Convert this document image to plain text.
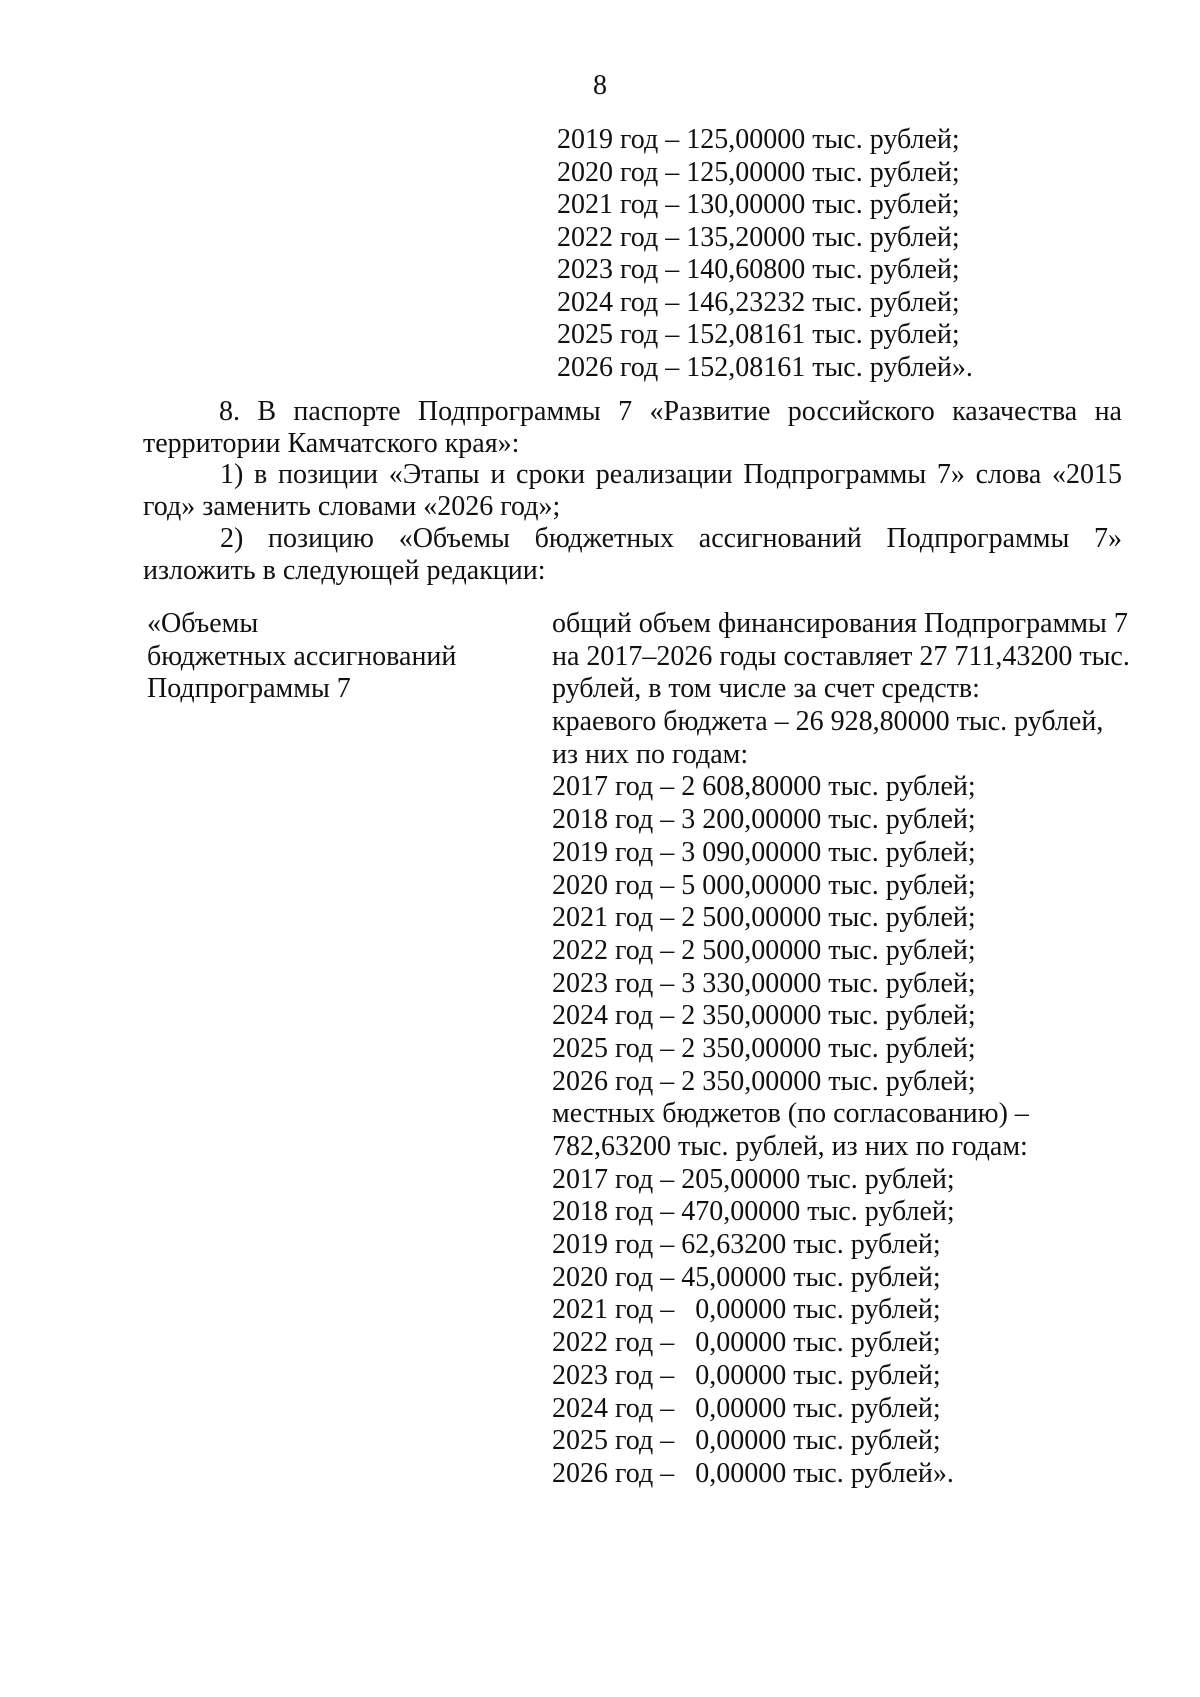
8
2019 год – 125,00000 тыс. рублей;
2020 год – 125,00000 тыс. рублей;
2021 год – 130,00000 тыс. рублей;
2022 год – 135,20000 тыс. рублей;
2023 год – 140,60800 тыс. рублей;
2024 год – 146,23232 тыс. рублей;
2025 год – 152,08161 тыс. рублей;
2026 год – 152,08161 тыс. рублей».
8. В паспорте Подпрограммы 7 «Развитие российского казачества на
территории Камчатского края»:
1) в позиции «Этапы и сроки реализации Подпрограммы 7» слова «2015
год» заменить словами «2026 год»;
2) позицию «Объемы бюджетных ассигнований Подпрограммы 7»
изложить в следующей редакции:
«Объемы
бюджетных ассигнований
Подпрограммы 7
общий объем финансирования Подпрограммы 7
на 2017–2026 годы составляет 27 711,43200 тыс.
рублей, в том числе за счет средств:
краевого бюджета – 26 928,80000 тыс. рублей,
из них по годам:
2017 год – 2 608,80000 тыс. рублей;
2018 год – 3 200,00000 тыс. рублей;
2019 год – 3 090,00000 тыс. рублей;
2020 год – 5 000,00000 тыс. рублей;
2021 год – 2 500,00000 тыс. рублей;
2022 год – 2 500,00000 тыс. рублей;
2023 год – 3 330,00000 тыс. рублей;
2024 год – 2 350,00000 тыс. рублей;
2025 год – 2 350,00000 тыс. рублей;
2026 год – 2 350,00000 тыс. рублей;
местных бюджетов (по согласованию) –
782,63200 тыс. рублей, из них по годам:
2017 год – 205,00000 тыс. рублей;
2018 год – 470,00000 тыс. рублей;
2019 год – 62,63200 тыс. рублей;
2020 год – 45,00000 тыс. рублей;
2021 год –   0,00000 тыс. рублей;
2022 год –   0,00000 тыс. рублей;
2023 год –   0,00000 тыс. рублей;
2024 год –   0,00000 тыс. рублей;
2025 год –   0,00000 тыс. рублей;
2026 год –   0,00000 тыс. рублей».
